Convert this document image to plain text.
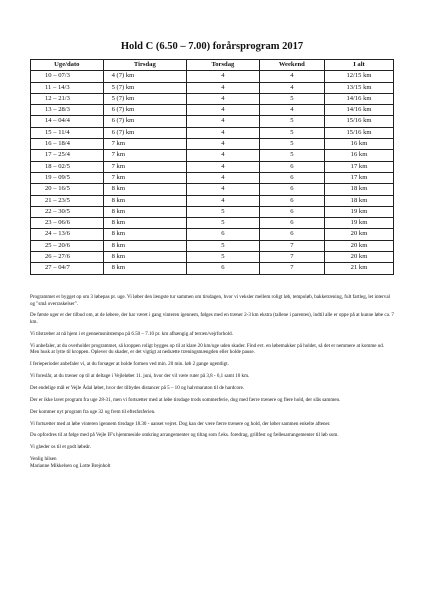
Hold C (6.50 – 7.00) forårsprogram 2017
Uge/dato	Tirsdag	Torsdag	Weekend	I alt
10 – 07/3	4 (7) km	4	4	12/15 km
11 – 14/3	5 (7) km	4	4	13/15 km
12 – 21/3	5 (7) km	4	5	14/16 km
13 – 28/3	6 (7) km	4	4	14/16 km
14 – 04/4	6 (7) km	4	5	15/16 km
15 – 11/4	6 (7) km	4	5	15/16 km
16 – 18/4	7 km	4	5	16 km
17 – 25/4	7 km	4	5	16 km
18 – 02/5	7 km	4	6	17 km
19 – 09/5	7 km	4	6	17 km
20 – 16/5	8 km	4	6	18 km
21 – 23/5	8 km	4	6	18 km
22 – 30/5	8 km	5	6	19 km
23 – 06/6	8 km	5	6	19 km
24 – 13/6	8 km	6	6	20 km
25 – 20/6	8 km	5	7	20 km
26 – 27/6	8 km	5	7	20 km
27 – 04/7	8 km	6	7	21 km

Programmet er bygget op om 3 løbepas pr. uge. Vi løber den længste tur sammen om tirsdagen, hvor vi veksler mellem roligt løb, tempoløb, bakketræning, fult fartleg, let interval og "små overraskelser".

De første uger er der tilbud om, at de løbere, der har været i gang vinteren igennem, følges med en træner 2-3 km ekstra (tallene i parentes), indtil alle er oppe på at kunne løbe ca. 7 km.

Vi tilstræber at nå hjem i et gennemsnitstempo på 6.50 – 7.10 pr. km afhængig af terræn/vejrforhold.

Vi anbefaler, at du overholder programmet, så kroppen roligt bygges op til at klare 20 km/uge uden skader. Find evt. en løbemakker på holdet, så det er nemmere at komme ud. Men husk at lytte til kroppen. Oplever du skader, er det vigtigt at nedsætte træningsmængden eller holde pause.

I ferieperioder anbefaler vi, at du forsøger at holde formen ved min. 20 min. løb 2 gange ugentligt.

Vi foreslår, at du træner op til at deltage i Vejleløbet 11. juni, hvor der vil være ruter på 3,8 - 6,1 samt 10 km.

Det endelige mål er Vejle Ådal løbet, hvor der tilbydes distancer på 5 – 10 og halvmaraton til de hardcore.

Der er ikke lavet program fra uge 28-31, men vi fortsætter med at løbe tirsdage trods sommerferie, dog med færre trænere og flere hold, der slås sammen.

Der kommer nyt program fra uge 32 og frem til efterårsferien.

Vi fortsætter med at løbe vinteren igennem tirsdage 18.30 - uanset vejret. Dog kan der være færre trænere og hold, der løber sammen enkelte aftener.

Du opfordres til at følge med på Vejle IF's hjemmeside omkring arrangementer og tiltag som f.eks. foredrag, grillfest og fællesarrangementer til løb som.

Vi glæder os til et godt løbeår.

Venlig hilsen

Marianne Mikkelsen og Lotte Brejnholt
